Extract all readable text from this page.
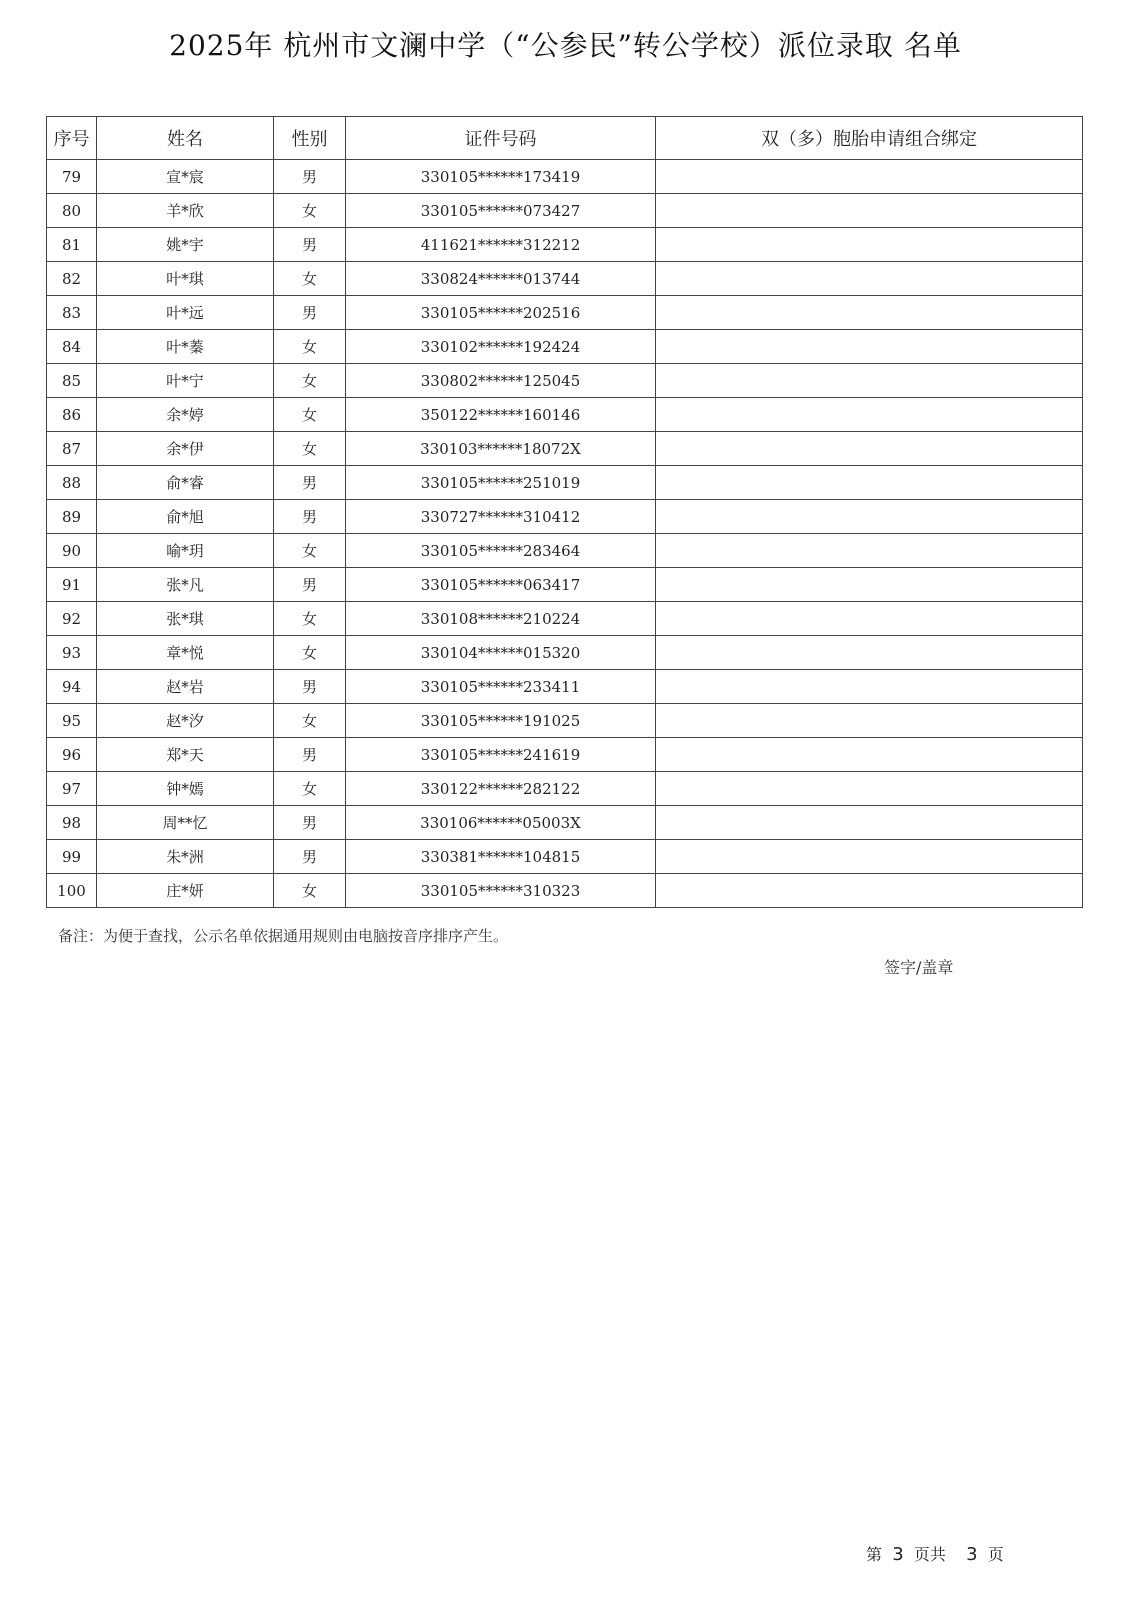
2025年 杭州市文澜中学（“公参民”转公学校）派位录取 名单
序号	姓名	性别	证件号码	双（多）胞胎申请组合绑定
79	宣*宸	男	330105******173419	
80	羊*欣	女	330105******073427	
81	姚*宇	男	411621******312212	
82	叶*琪	女	330824******013744	
83	叶*远	男	330105******202516	
84	叶*蓁	女	330102******192424	
85	叶*宁	女	330802******125045	
86	余*婷	女	350122******160146	
87	余*伊	女	330103******18072X	
88	俞*睿	男	330105******251019	
89	俞*旭	男	330727******310412	
90	喻*玥	女	330105******283464	
91	张*凡	男	330105******063417	
92	张*琪	女	330108******210224	
93	章*悦	女	330104******015320	
94	赵*岩	男	330105******233411	
95	赵*汐	女	330105******191025	
96	郑*天	男	330105******241619	
97	钟*嫣	女	330122******282122	
98	周**忆	男	330106******05003X	
99	朱*洲	男	330381******104815	
100	庄*妍	女	330105******310323	
备注：为便于查找，公示名单依据通用规则由电脑按音序排序产生。
签字/盖章
第 3 页共 3 页
